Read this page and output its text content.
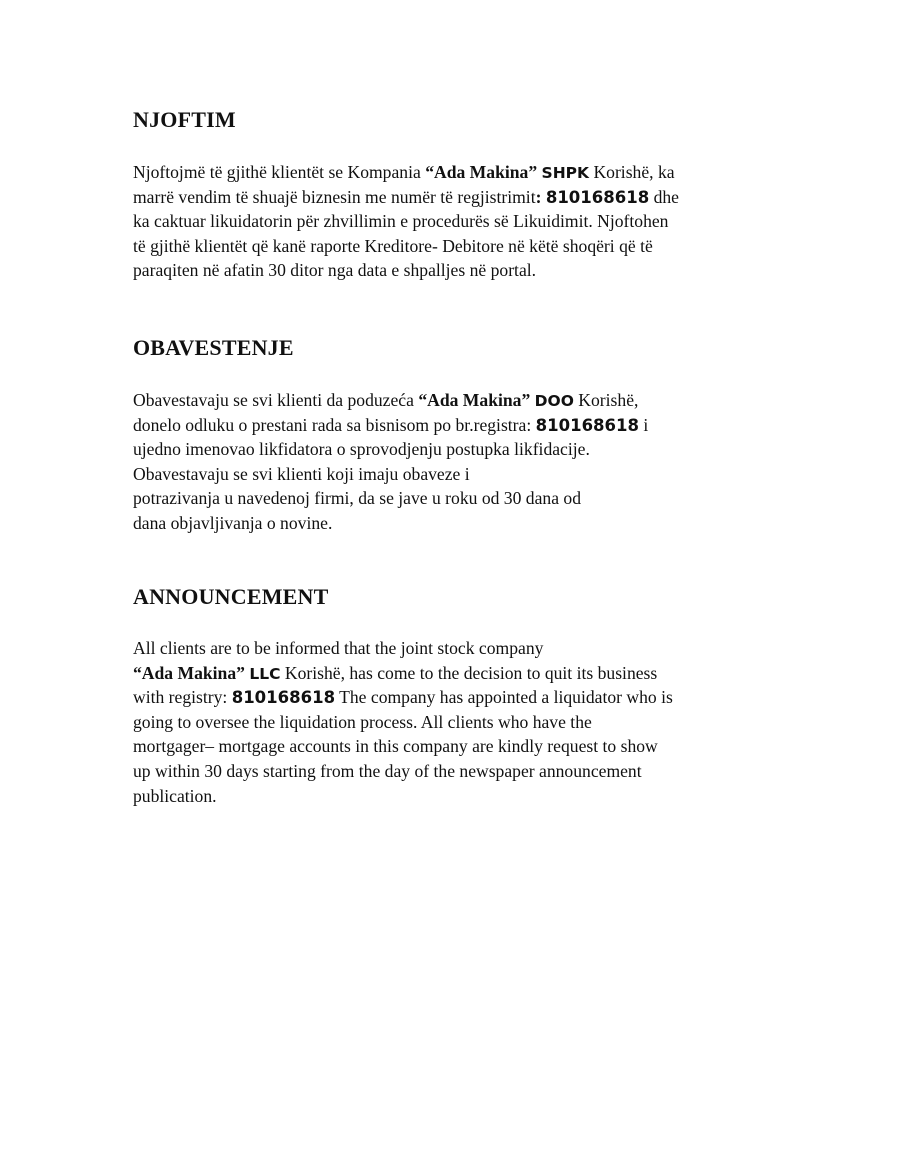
NJOFTIM
Njoftojmë të gjithë klientët se Kompania “Ada Makina” SHPK Korishë, ka
marrë vendim të shuajë biznesin me numër të regjistrimit: 810168618 dhe
ka caktuar likuidatorin për zhvillimin e procedurës së Likuidimit. Njoftohen
të gjithë klientët që kanë raporte Kreditore- Debitore në këtë shoqëri që të
paraqiten në afatin 30 ditor nga data e shpalljes në portal.
OBAVESTENJE
Obavestavaju se svi klienti da poduzeća “Ada Makina” DOO Korishë,
donelo odluku o prestani rada sa bisnisom po br.registra: 810168618 i
ujedno imenovao likfidatora o sprovodjenju postupka likfidacije.
Obavestavaju se svi klienti koji imaju obaveze i
potrazivanja u navedenoj firmi, da se jave u roku od 30 dana od
dana objavljivanja o novine.
ANNOUNCEMENT
All clients are to be informed that the joint stock company
“Ada Makina” LLC Korishë, has come to the decision to quit its business
with registry: 810168618 The company has appointed a liquidator who is
going to oversee the liquidation process. All clients who have the
mortgager– mortgage accounts in this company are kindly request to show
up within 30 days starting from the day of the newspaper announcement
publication.
